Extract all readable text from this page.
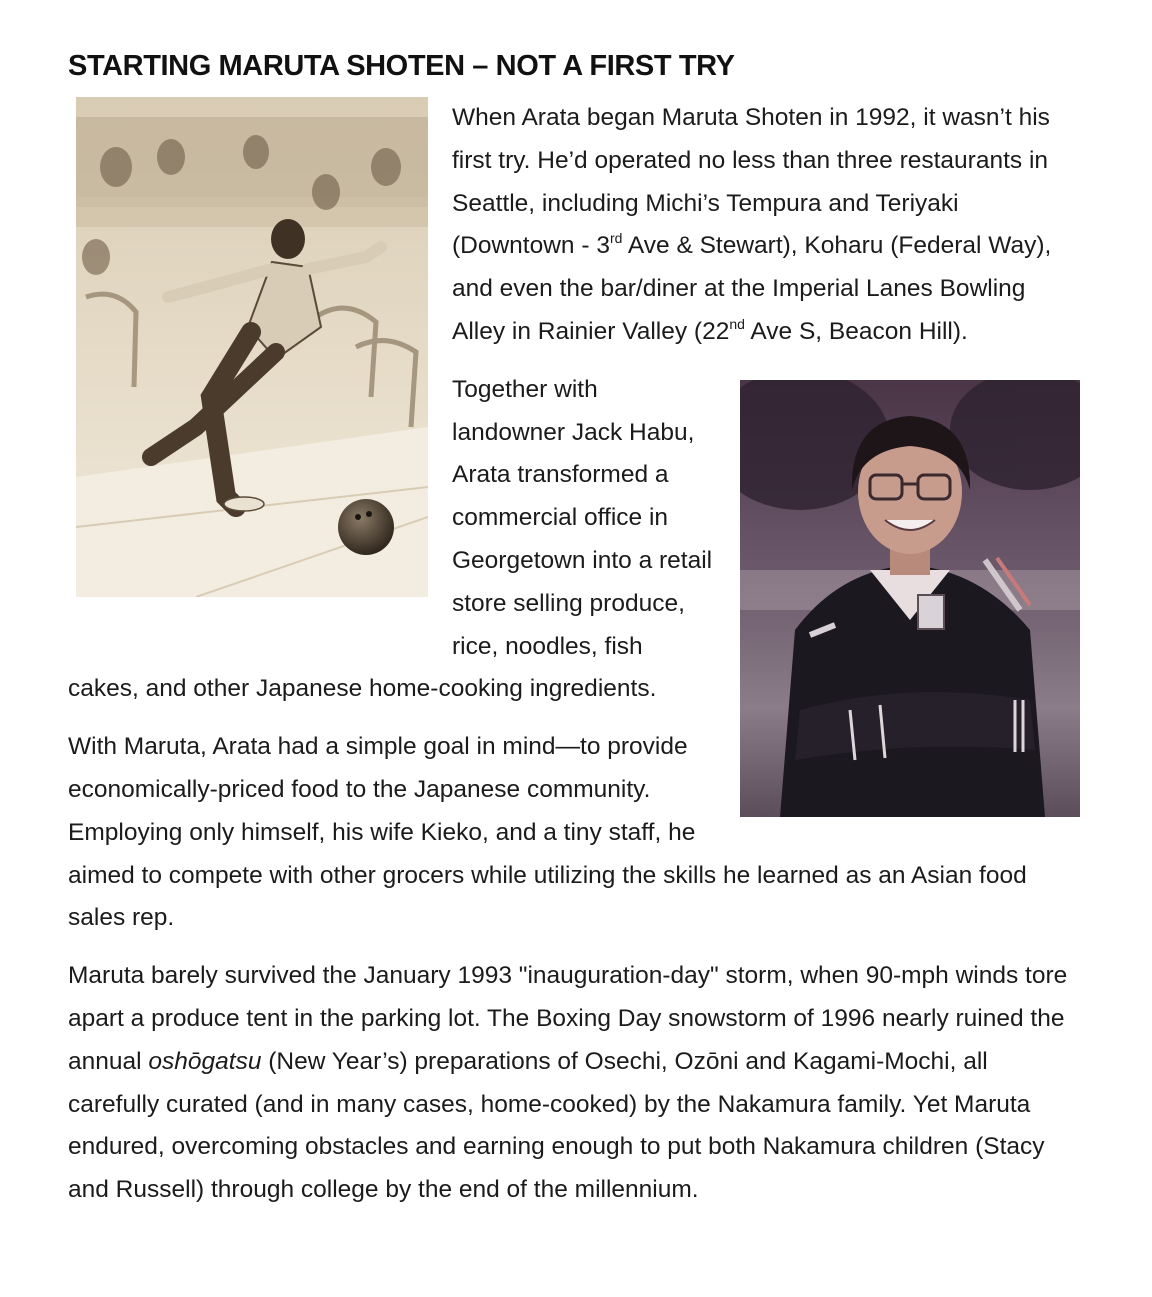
STARTING MARUTA SHOTEN – NOT A FIRST TRY

When Arata began Maruta Shoten in 1992, it wasn’t his first try. He’d operated no less than three restaurants in Seattle, including Michi’s Tempura and Teriyaki (Downtown - 3rd Ave & Stewart), Koharu (Federal Way), and even the bar/diner at the Imperial Lanes Bowling Alley in Rainier Valley (22nd Ave S, Beacon Hill).

Together with landowner Jack Habu, Arata transformed a commercial office in Georgetown into a retail store selling produce, rice, noodles, fish cakes, and other Japanese home-cooking ingredients.

With Maruta, Arata had a simple goal in mind—to provide economically-priced food to the Japanese community. Employing only himself, his wife Kieko, and a tiny staff, he aimed to compete with other grocers while utilizing the skills he learned as an Asian food sales rep.

Maruta barely survived the January 1993 "inauguration-day" storm, when 90-mph winds tore apart a produce tent in the parking lot. The Boxing Day snowstorm of 1996 nearly ruined the annual oshōgatsu (New Year’s) preparations of Osechi, Ozōni and Kagami-Mochi, all carefully curated (and in many cases, home-cooked) by the Nakamura family. Yet Maruta endured, overcoming obstacles and earning enough to put both Nakamura children (Stacy and Russell) through college by the end of the millennium.
